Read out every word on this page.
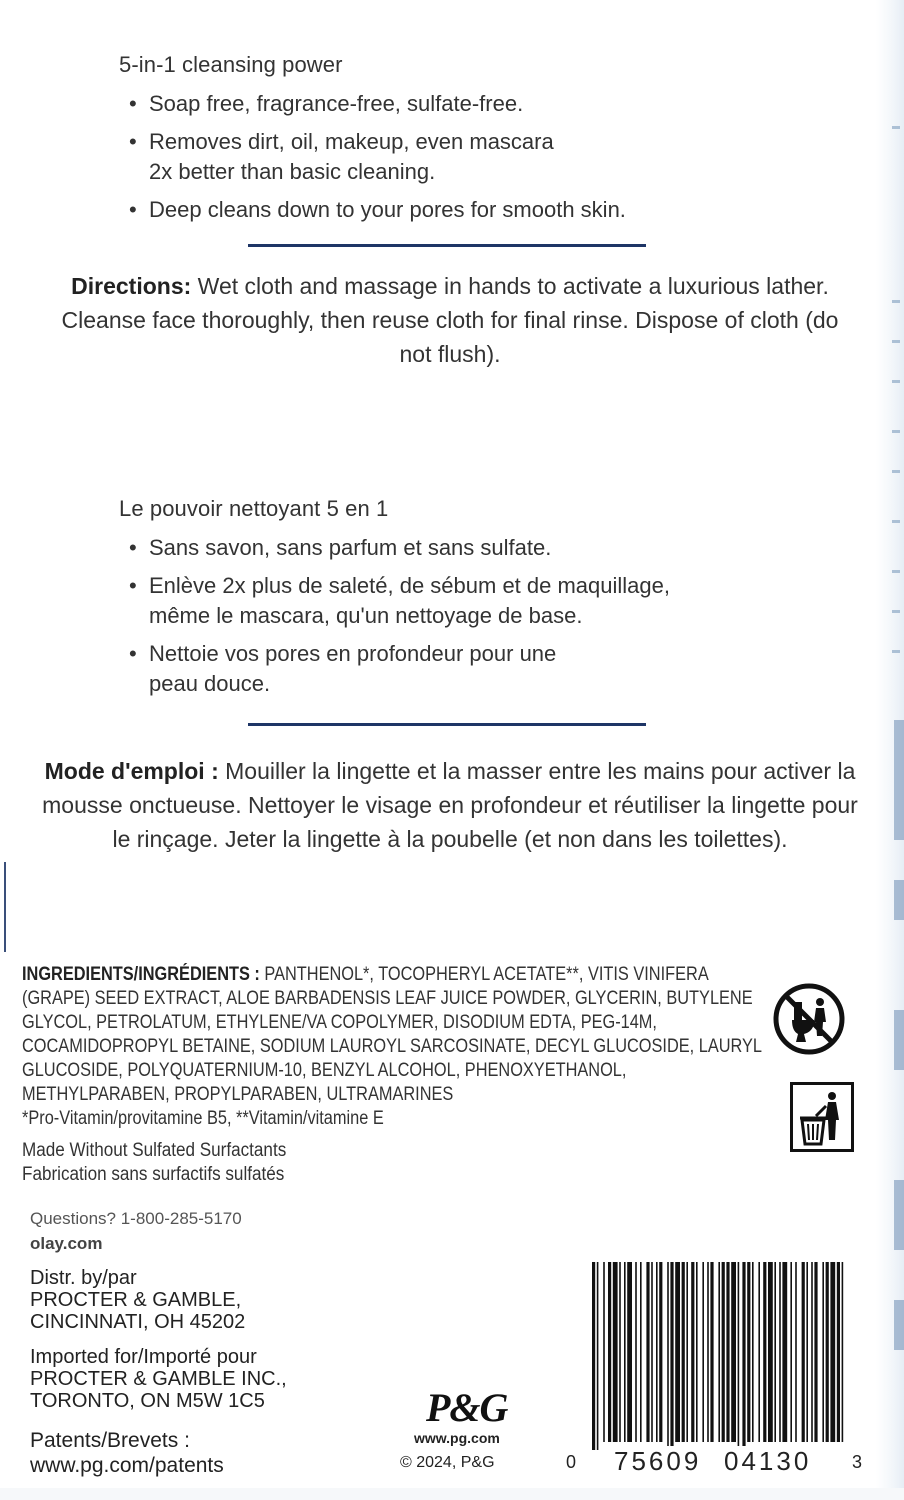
5-in-1 cleansing power
• Soap free, fragrance-free, sulfate-free.
• Removes dirt, oil, makeup, even mascara
2x better than basic cleaning.
• Deep cleans down to your pores for smooth skin.
Directions: Wet cloth and massage in hands to activate a luxurious lather. Cleanse face thoroughly, then reuse cloth for final rinse. Dispose of cloth (do not flush).
Le pouvoir nettoyant 5 en 1
• Sans savon, sans parfum et sans sulfate.
• Enlève 2x plus de saleté, de sébum et de maquillage,
même le mascara, qu'un nettoyage de base.
• Nettoie vos pores en profondeur pour une
peau douce.
Mode d'emploi : Mouiller la lingette et la masser entre les mains pour activer la mousse onctueuse. Nettoyer le visage en profondeur et réutiliser la lingette pour le rinçage. Jeter la lingette à la poubelle (et non dans les toilettes).
INGREDIENTS/INGRÉDIENTS : PANTHENOL*, TOCOPHERYL ACETATE**, VITIS VINIFERA (GRAPE) SEED EXTRACT, ALOE BARBADENSIS LEAF JUICE POWDER, GLYCERIN, BUTYLENE GLYCOL, PETROLATUM, ETHYLENE/VA COPOLYMER, DISODIUM EDTA, PEG-14M, COCAMIDOPROPYL BETAINE, SODIUM LAUROYL SARCOSINATE, DECYL GLUCOSIDE, LAURYL GLUCOSIDE, POLYQUATERNIUM-10, BENZYL ALCOHOL, PHENOXYETHANOL, METHYLPARABEN, PROPYLPARABEN, ULTRAMARINES
*Pro-Vitamin/provitamine B5, **Vitamin/vitamine E
Made Without Sulfated Surfactants
Fabrication sans surfactifs sulfatés
Questions? 1-800-285-5170
olay.com
Distr. by/par
PROCTER & GAMBLE,
CINCINNATI, OH 45202
Imported for/Importé pour
PROCTER & GAMBLE INC.,
TORONTO, ON M5W 1C5
Patents/Brevets :
www.pg.com/patents
P&G
www.pg.com
© 2024, P&G	0 75609 04130 3
